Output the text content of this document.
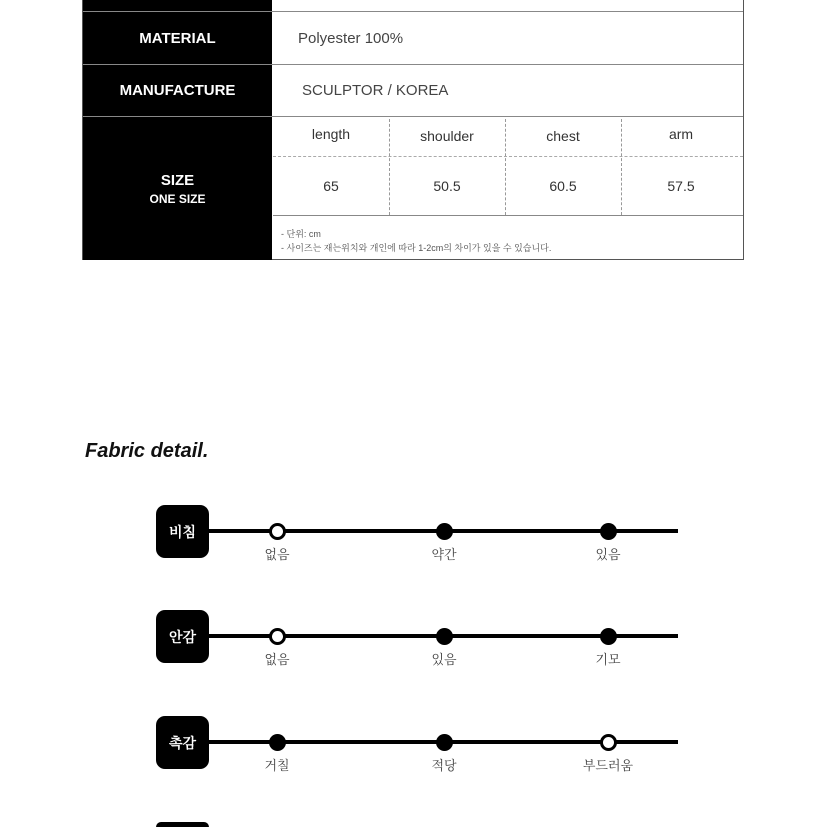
MATERIAL	Polyester 100%
MANUFACTURE	SCULPTOR / KOREA
SIZE
ONE SIZE
length	shoulder	chest	arm
65	50.5	60.5	57.5
- 단위: cm
- 사이즈는 재는위치와 개인에 따라 1-2cm의 차이가 있을 수 있습니다.
Fabric detail.
비침
없음	약간	있음
안감
없음	있음	기모
촉감
거칠	적당	부드러움
